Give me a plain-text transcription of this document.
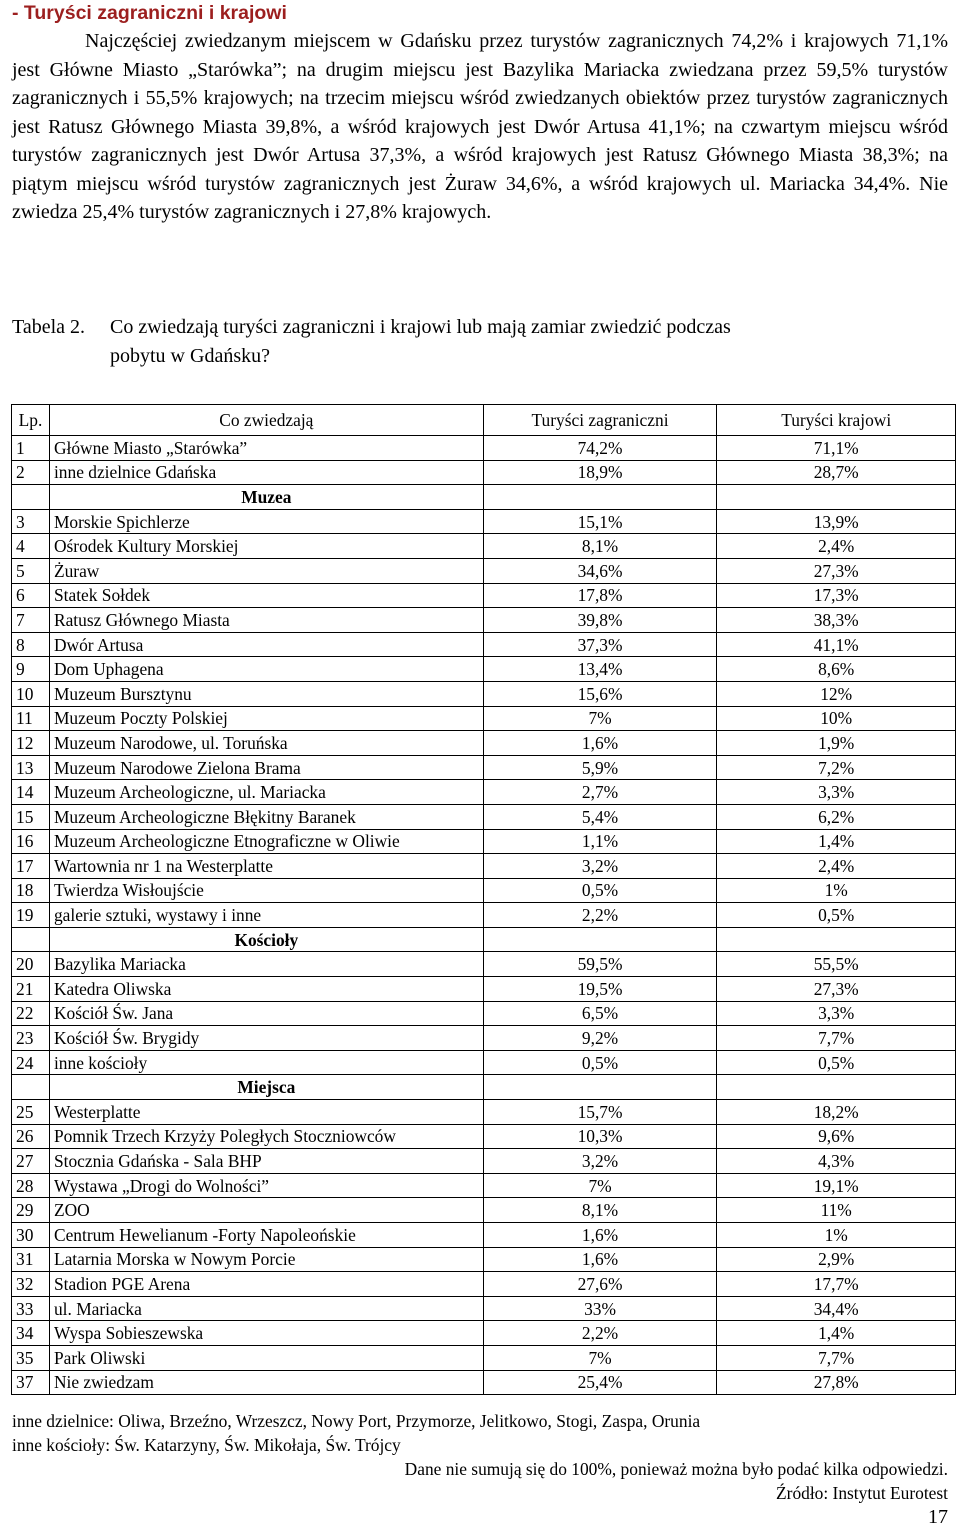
- Turyści zagraniczni i krajowi
Najczęściej zwiedzanym miejscem w Gdańsku przez turystów zagranicznych 74,2% i krajowych 71,1% jest Główne Miasto „Starówka”; na drugim miejscu jest Bazylika Mariacka zwiedzana przez 59,5% turystów zagranicznych i 55,5% krajowych; na trzecim miejscu wśród zwiedzanych obiektów przez turystów zagranicznych jest Ratusz Głównego Miasta 39,8%, a wśród krajowych jest Dwór Artusa 41,1%; na czwartym miejscu wśród turystów zagranicznych jest Dwór Artusa 37,3%, a wśród krajowych jest Ratusz Głównego Miasta 38,3%; na piątym miejscu wśród turystów zagranicznych jest Żuraw 34,6%, a wśród krajowych ul. Mariacka 34,4%. Nie zwiedza 25,4% turystów zagranicznych i 27,8% krajowych.
Tabela 2. Co zwiedzają turyści zagraniczni i krajowi lub mają zamiar zwiedzić podczas
pobytu w Gdańsku?
Lp.	Co zwiedzają	Turyści zagraniczni	Turyści krajowi
1	Główne Miasto „Starówka”	74,2%	71,1%
2	inne dzielnice Gdańska	18,9%	28,7%
	Muzea		
3	Morskie Spichlerze	15,1%	13,9%
4	Ośrodek Kultury Morskiej	8,1%	2,4%
5	Żuraw	34,6%	27,3%
6	Statek Sołdek	17,8%	17,3%
7	Ratusz Głównego Miasta	39,8%	38,3%
8	Dwór Artusa	37,3%	41,1%
9	Dom Uphagena	13,4%	8,6%
10	Muzeum Bursztynu	15,6%	12%
11	Muzeum Poczty Polskiej	7%	10%
12	Muzeum Narodowe, ul. Toruńska	1,6%	1,9%
13	Muzeum Narodowe Zielona Brama	5,9%	7,2%
14	Muzeum Archeologiczne, ul. Mariacka	2,7%	3,3%
15	Muzeum Archeologiczne Błękitny Baranek	5,4%	6,2%
16	Muzeum Archeologiczne Etnograficzne w Oliwie	1,1%	1,4%
17	Wartownia nr 1 na Westerplatte	3,2%	2,4%
18	Twierdza Wisłoujście	0,5%	1%
19	galerie sztuki, wystawy i inne	2,2%	0,5%
	Kościoły		
20	Bazylika Mariacka	59,5%	55,5%
21	Katedra Oliwska	19,5%	27,3%
22	Kościół Św. Jana	6,5%	3,3%
23	Kościół Św. Brygidy	9,2%	7,7%
24	inne kościoły	0,5%	0,5%
	Miejsca		
25	Westerplatte	15,7%	18,2%
26	Pomnik Trzech Krzyży Poległych Stoczniowców	10,3%	9,6%
27	Stocznia Gdańska - Sala BHP	3,2%	4,3%
28	Wystawa „Drogi do Wolności”	7%	19,1%
29	ZOO	8,1%	11%
30	Centrum Hewelianum -Forty Napoleońskie	1,6%	1%
31	Latarnia Morska w Nowym Porcie	1,6%	2,9%
32	Stadion PGE Arena	27,6%	17,7%
33	ul. Mariacka	33%	34,4%
34	Wyspa Sobieszewska	2,2%	1,4%
35	Park Oliwski	7%	7,7%
37	Nie zwiedzam	25,4%	27,8%
inne dzielnice: Oliwa, Brzeźno, Wrzeszcz, Nowy Port, Przymorze, Jelitkowo, Stogi, Zaspa, Orunia
inne kościoły: Św. Katarzyny, Św. Mikołaja, Św. Trójcy
Dane nie sumują się do 100%, ponieważ można było podać kilka odpowiedzi.
Źródło: Instytut Eurotest
17
